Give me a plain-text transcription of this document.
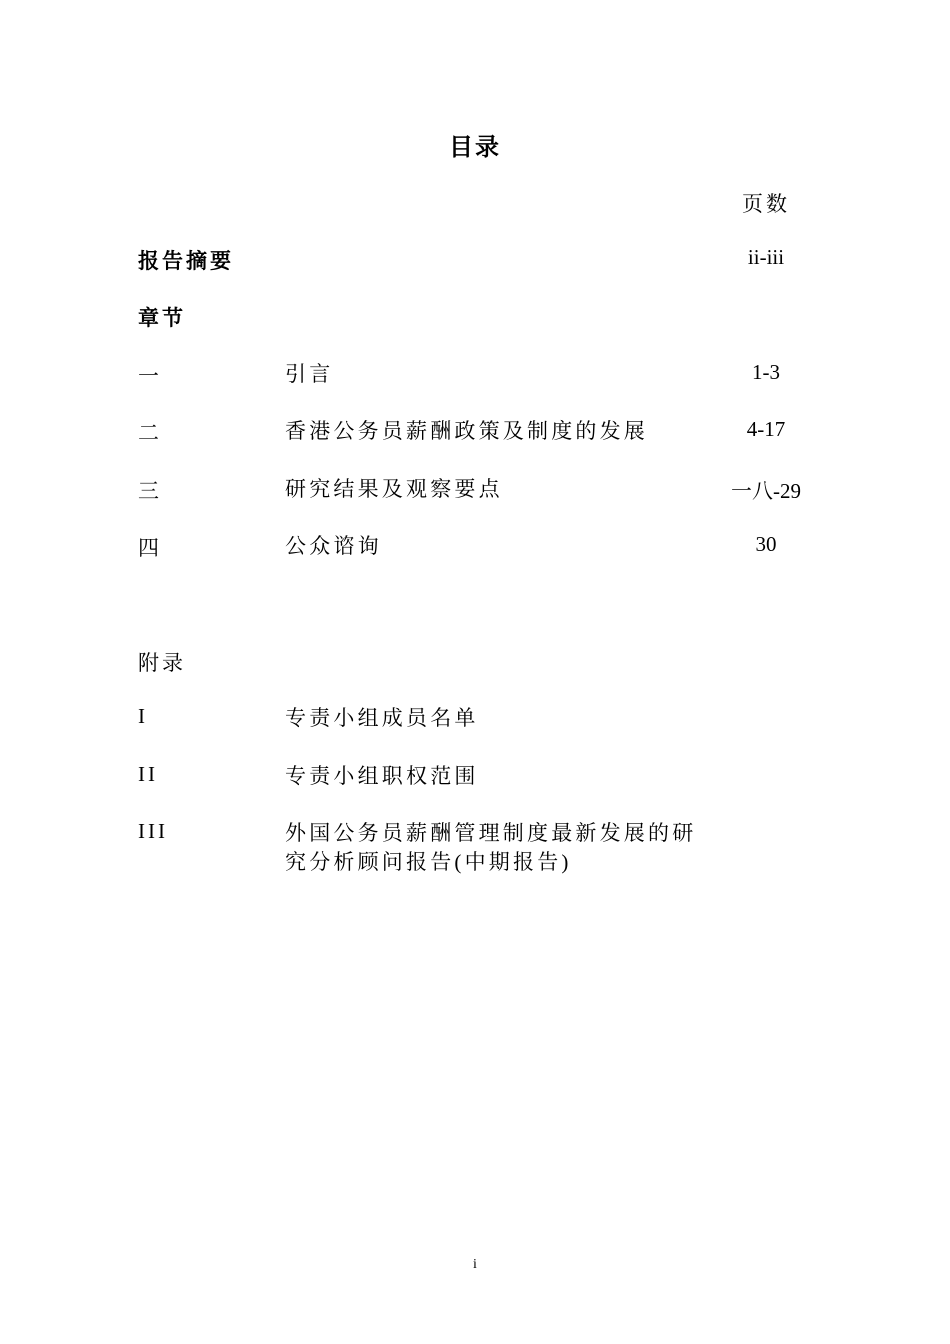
目录
页数
报告摘要	ii-iii
章节
一	引言	1-3
二	香港公务员薪酬政策及制度的发展	4-17
三	研究结果及观察要点	一八-29
四	公众谘询	30
附录
I	专责小组成员名单
II	专责小组职权范围
III	外国公务员薪酬管理制度最新发展的研
究分析顾问报告(中期报告)
i
